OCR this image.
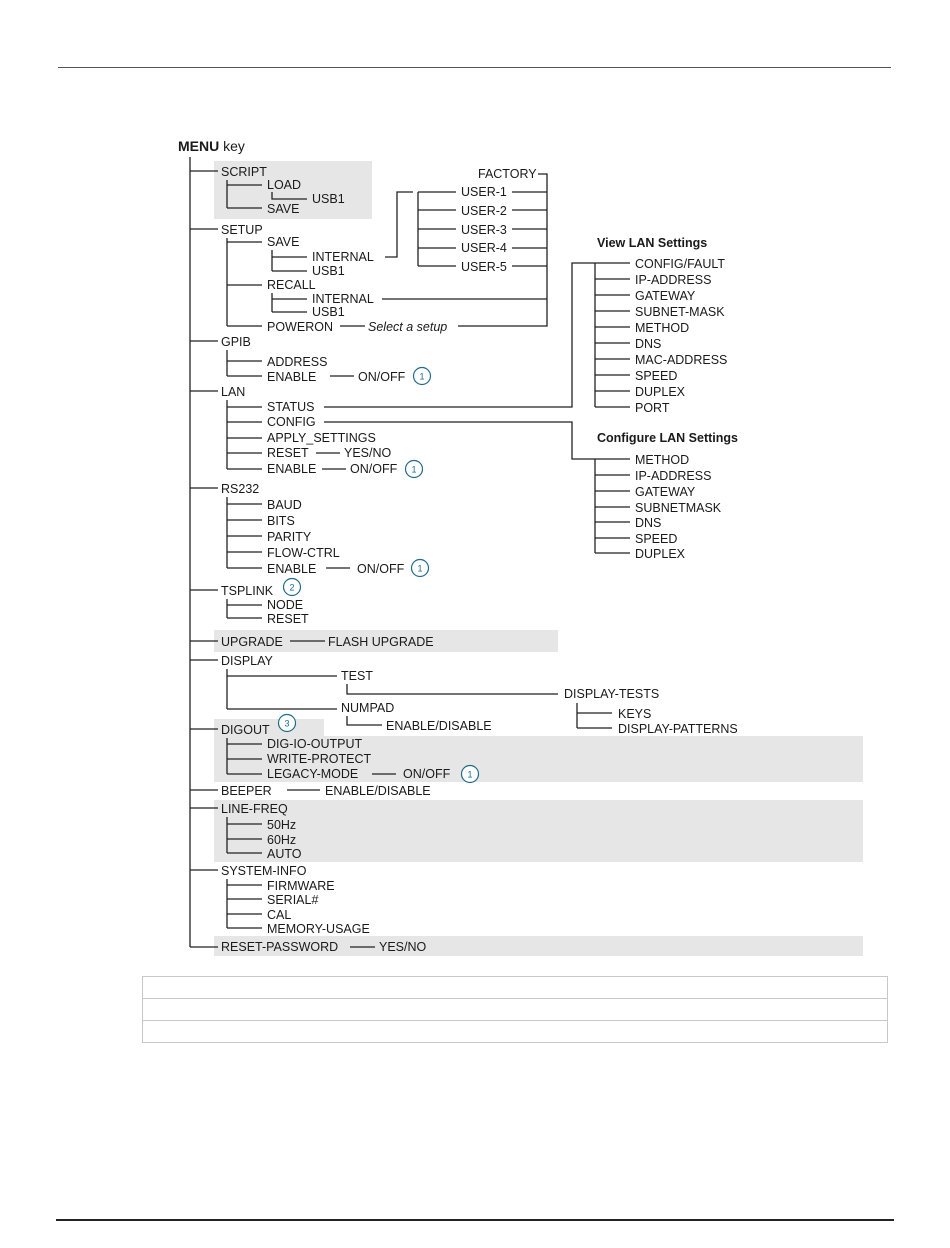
MENU key
SCRIPT
LOAD
USB1
SAVE
SETUP
SAVE
INTERNAL
USB1
RECALL
INTERNAL
USB1
POWERON	Select a setup
FACTORY
USER-1
USER-2
USER-3
USER-4
USER-5
GPIB
ADDRESS
ENABLE	ON/OFF 1
LAN
STATUS
CONFIG
APPLY_SETTINGS
RESET	YES/NO
ENABLE	ON/OFF 1
View LAN Settings
CONFIG/FAULT
IP-ADDRESS
GATEWAY
SUBNET-MASK
METHOD
DNS
MAC-ADDRESS
SPEED
DUPLEX
PORT
Configure LAN Settings
METHOD
IP-ADDRESS
GATEWAY
SUBNETMASK
DNS
SPEED
DUPLEX
RS232
BAUD
BITS
PARITY
FLOW-CTRL
ENABLE	ON/OFF 1
TSPLINK 2
NODE
RESET
UPGRADE	FLASH UPGRADE
DISPLAY
TEST
DISPLAY-TESTS
NUMPAD
ENABLE/DISABLE
KEYS
DISPLAY-PATTERNS
DIGOUT 3
DIG-IO-OUTPUT
WRITE-PROTECT
LEGACY-MODE	ON/OFF 1
BEEPER	ENABLE/DISABLE
LINE-FREQ
50Hz
60Hz
AUTO
SYSTEM-INFO
FIRMWARE
SERIAL#
CAL
MEMORY-USAGE
RESET-PASSWORD	YES/NO
